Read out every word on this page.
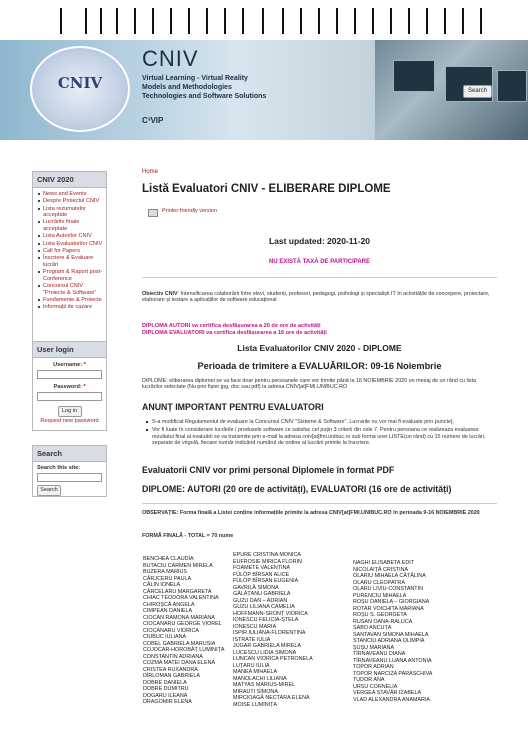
CNIV
CNIV
Virtual Learning - Virtual Reality
Models and Methodologies
Technologies and Software Solutions
C³VIP
Search
CNIV 2020
News and Events
Despre Proiectul CNIV
Lista rezumatelor acceptate
Lucrările finale acceptate
Lista Autorilor CNIV
Lista Evaluatorilor CNIV
Call for Papers
Înscriere & Evaluare lucrări
Program & Raport post-Conference
Concursul CNIV "Proiecte & Software"
Fundamente & Proiecte
Informații de cazare
User login
Username: *
Password: *
Log in
Request new password
Search
Search this site:
Search
Home
Listă Evaluatori CNIV - ELIBERARE DIPLOME
Printer-friendly version
Last updated: 2020-11-20
NU EXISTĂ TAXĂ DE PARTICIPARE
Obiectiv CNIV: Intensificarea colaborării între elevi, studenți, profesori, pedagogi, psihologi și specialiști IT în activitățile de concepere, proiectare, elaborare și testare a aplicațiilor de software educațional
DIPLOMA AUTORI va certifica desfășurarea a 20 de ore de activități
DIPLOMA EVALUATORI va certifica desfășurarea a 16 ore de activități
Lista Evaluatorilor CNIV 2020 - DIPLOME
Perioada de trimitere a EVALUĂRILOR: 09-16 Noiembrie
DIPLOME: eliberarea diplomei se va face doar pentru persoanele care vor trimite până la 16 NOIEMBRIE 2020 un mesaj de un rând cu lista lucrărilor selectate (Nu prin fișier jpg, doc sau pdf) la adresa CNIV[at]FMI.UNIBUC.RO
ANUNȚ IMPORTANT PENTRU EVALUATORI
S-a modificat Regulamentul de evaluare la Concursul CNIV "Sisteme & Software". Lucrarile nu vor mai fi evaluate prin puncte].
Vor fi luate în considerare lucrările / produsele software ce satisfac cel puțin 3 criterii din cele 7. Pentru persoana ce realizeaza evaluarea: rezultatul final al evaluării se va transmite prin e-mail la adresa cniv[at]fmi.unibuc.ro sub forma unei LISTE(un rând) cu 15 numere de lucrări, separate de virgulă, fiecare număr indicând numărul de ordine al lucrării primite la înscriere.
Evaluatorii CNIV vor primi personal Diplomele în format PDF
DIPLOME: AUTORI (20 ore de activități), EVALUATORI (16 ore de activități)
OBSERVAȚIE: Forma finală a Listei conține informațiile primite la adresa CNIV[at]FMI.UNIBUC.RO în perioada 9-16 NOIEMBRIE 2020
FORMĂ FINALĂ - TOTAL = 70 nume
BENCHEA CLAUDIA
BUTACIU CARMEN MIRELA
BUZERA MARIUS
CĂRJCERU PAULA
CĂLIN IONELA
CÂRCELARU MARGARETA
CHIAC TEODORA VALENTINA
CHIROȘCĂ ANGELA
CIMPEAN DANIELA
CIOCAN RAMONA MARIANA
CIOCANARU GEORGE VIOREL
CIOCANARU VIORICA
CIUBUC IULIANA
COBEL GABRIELA MARUSIA
COJOCAR-HOROBĂȚ LUMINIȚA
CONSTANTIN ADRIANA
COZMA MATEI DANA ELENA
CRISTEA RUXANDRA
DÎRLOMAN GABRIELA
DOBRE DANIELA
DOBRE DUMITRU
DOGARU ILEANA
DRAGOMIR ELENA
EPURE CRISTINA MONICA
EUFROSIE MIRICA FLORIN
FOAMETE VALENTINA
FÜLÖP BÎRSAN ALICE
FÜLÖP BÎRSAN EUGENIA
GAVRILĂ SIMONA
GĂLĂȚANU GABRIELA
GUZU DAN – ADRIAN
GUZU LILIANA CAMELIA
HOFFMANN-SRONȚ VIORICA
IONESCU FELICIA-ȘTELA
IONESCU MARIA
ISPIR IULIANA-FLORENTINA
ISTRATE IULIA
JUGAR GABRIELA MIRELA
LUCESCU LIDIA SIMONA
LUNCAN VIORICA PETRONELA
LUȚARU IULIA
MANEA MIHAELA
MANOLACHI LILIANA
MATYAS MARIUS-MIREL
MIRAUTI SIMONA
MIRCIOAGĂ NECTARA ELENA
MOISE LUMINIȚA
NAGHI ELISABETA EDIT
NICOLAIȚĂ CRISTINA
OLARIU MIHAELA CĂTĂLINA
OLARU CLEOPATRA
OLARU LIVIU-CONSTANTIN
PURENCIU MIHAELA
ROȘU DANIELA – GIORGIANA
ROTAR VOICHITA MARIANA
ROȘU S. GEORGETA
RUSAN OANA-RALUCA
SABO ANCUȚA
SANTAVAN SIMONA MIHAELA
STANCIU ADRIANA OLIMPIA
ȘUȘU MARIANA
TÎRNAVEANU DIANA
TÎRNAVEANU LUANA ANTONIA
TOPOR ADRIAN
TOPOR NARCIZA PARASCHIVA
TUDOR ANA
URSU CORNELIA
VERGEA STAVĂR IZABELA
VLAD ALEXANDRA ANAMARIA
